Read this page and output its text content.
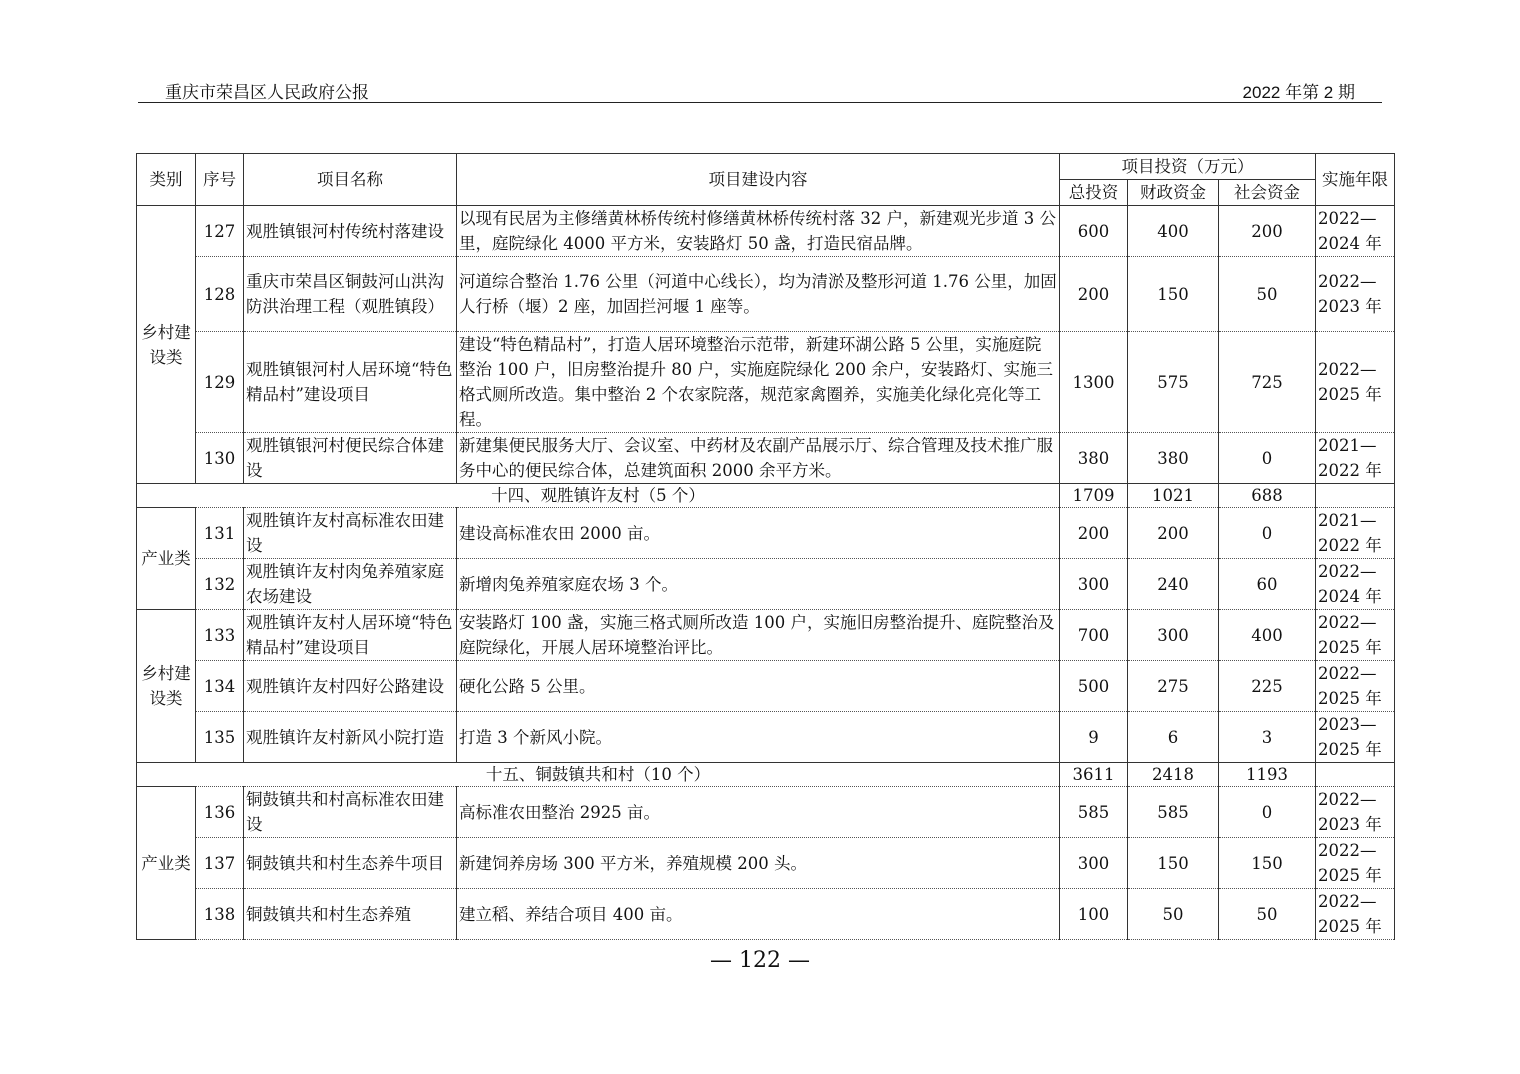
重庆市荣昌区人民政府公报	2022 年第 2 期
类别	序号	项目名称	项目建设内容	项目投资（万元）			实施年限
				总投资	财政资金	社会资金	
乡村建设类	127	观胜镇银河村传统村落建设	以现有民居为主修缮黄林桥传统村修缮黄林桥传统村落 32 户，新建观光步道 3 公里，庭院绿化 4000 平方米，安装路灯 50 盏，打造民宿品牌。	600	400	200	2022—2024 年
	128	重庆市荣昌区铜鼓河山洪沟防洪治理工程（观胜镇段）	河道综合整治 1.76 公里（河道中心线长），均为清淤及整形河道 1.76 公里，加固人行桥（堰）2 座，加固拦河堰 1 座等。	200	150	50	2022—2023 年
	129	观胜镇银河村人居环境“特色精品村”建设项目	建设“特色精品村”，打造人居环境整治示范带，新建环湖公路 5 公里，实施庭院整治 100 户，旧房整治提升 80 户，实施庭院绿化 200 余户，安装路灯、实施三格式厕所改造。集中整治 2 个农家院落，规范家禽圈养，实施美化绿化亮化等工程。	1300	575	725	2022—2025 年
	130	观胜镇银河村便民综合体建设	新建集便民服务大厅、会议室、中药材及农副产品展示厅、综合管理及技术推广服务中心的便民综合体，总建筑面积 2000 余平方米。	380	380	0	2021—2022 年
十四、观胜镇许友村（5 个）				1709	1021	688	
产业类	131	观胜镇许友村高标准农田建设	建设高标准农田 2000 亩。	200	200	0	2021—2022 年
	132	观胜镇许友村肉兔养殖家庭农场建设	新增肉兔养殖家庭农场 3 个。	300	240	60	2022—2024 年
乡村建设类	133	观胜镇许友村人居环境“特色精品村”建设项目	安装路灯 100 盏，实施三格式厕所改造 100 户，实施旧房整治提升、庭院整治及庭院绿化，开展人居环境整治评比。	700	300	400	2022—2025 年
	134	观胜镇许友村四好公路建设	硬化公路 5 公里。	500	275	225	2022—2025 年
	135	观胜镇许友村新风小院打造	打造 3 个新风小院。	9	6	3	2023—2025 年
十五、铜鼓镇共和村（10 个）				3611	2418	1193	
产业类	136	铜鼓镇共和村高标准农田建设	高标准农田整治 2925 亩。	585	585	0	2022—2023 年
	137	铜鼓镇共和村生态养牛项目	新建饲养房场 300 平方米，养殖规模 200 头。	300	150	150	2022—2025 年
	138	铜鼓镇共和村生态养殖	建立稻、养结合项目 400 亩。	100	50	50	2022—2025 年
— 122 —
